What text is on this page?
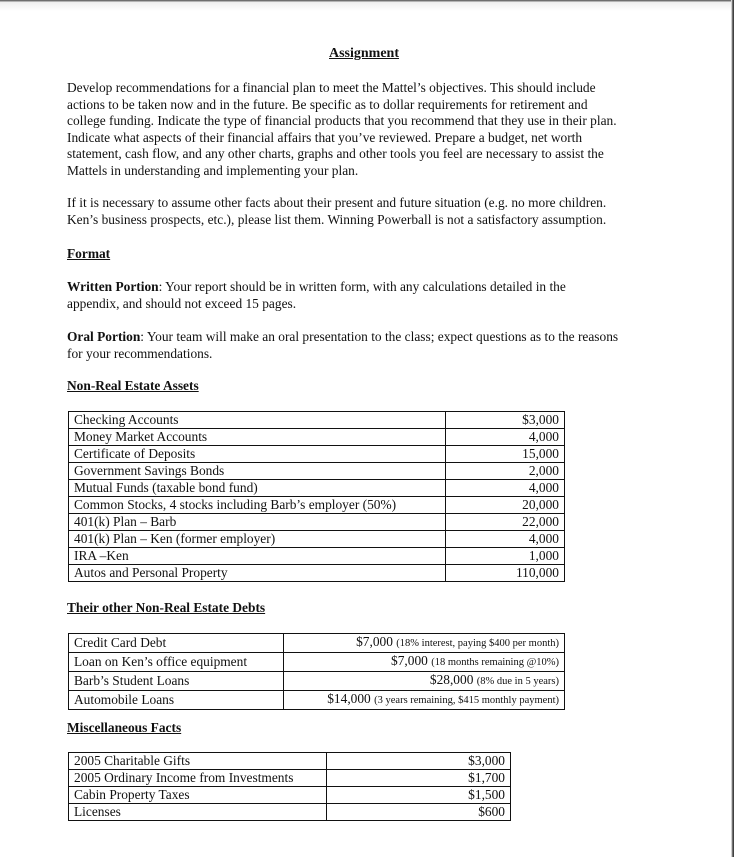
Assignment

Develop recommendations for a financial plan to meet the Mattel’s objectives. This should include
actions to be taken now and in the future. Be specific as to dollar requirements for retirement and
college funding. Indicate the type of financial products that you recommend that they use in their plan.
Indicate what aspects of their financial affairs that you’ve reviewed. Prepare a budget, net worth
statement, cash flow, and any other charts, graphs and other tools you feel are necessary to assist the
Mattels in understanding and implementing your plan.

If it is necessary to assume other facts about their present and future situation (e.g. no more children.
Ken’s business prospects, etc.), please list them. Winning Powerball is not a satisfactory assumption.

Format

Written Portion: Your report should be in written form, with any calculations detailed in the
appendix, and should not exceed 15 pages.

Oral Portion: Your team will make an oral presentation to the class; expect questions as to the reasons
for your recommendations.

Non-Real Estate Assets
Checking Accounts	$3,000
Money Market Accounts	4,000
Certificate of Deposits	15,000
Government Savings Bonds	2,000
Mutual Funds (taxable bond fund)	4,000
Common Stocks, 4 stocks including Barb’s employer (50%)	20,000
401(k) Plan – Barb	22,000
401(k) Plan – Ken (former employer)	4,000
IRA –Ken	1,000
Autos and Personal Property	110,000
Their other Non-Real Estate Debts
Credit Card Debt	$7,000 (18% interest, paying $400 per month)
Loan on Ken’s office equipment	$7,000 (18 months remaining @10%)
Barb’s Student Loans	$28,000 (8% due in 5 years)
Automobile Loans	$14,000 (3 years remaining, $415 monthly payment)
Miscellaneous Facts
2005 Charitable Gifts	$3,000
2005 Ordinary Income from Investments	$1,700
Cabin Property Taxes	$1,500
Licenses	$600
